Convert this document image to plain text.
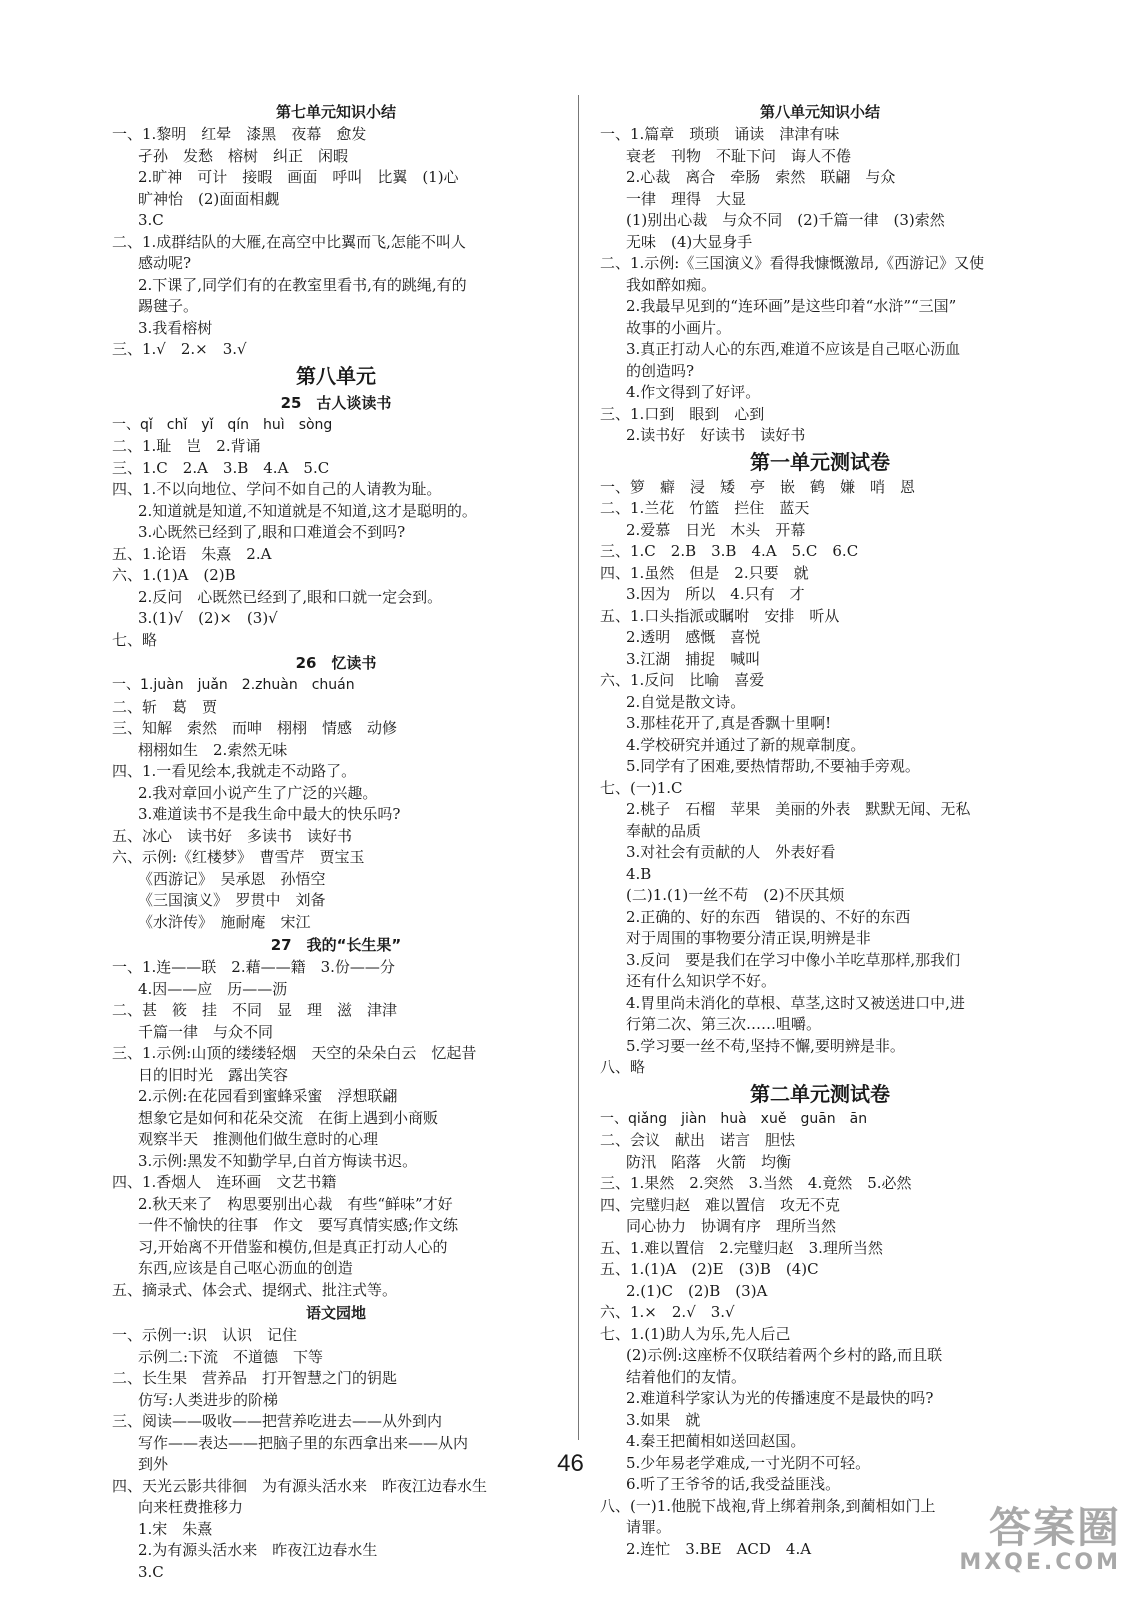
第七单元知识小结
一、1.黎明　红晕　漆黑　夜幕　愈发
孑孙　发愁　榕树　纠正　闲暇
2.旷神　可计　接暇　画面　呼叫　比翼　(1)心
旷神怡　(2)面面相觑
3.C
二、1.成群结队的大雁,在高空中比翼而飞,怎能不叫人
感动呢?
2.下课了,同学们有的在教室里看书,有的跳绳,有的
踢毽子。
3.我看榕树
三、1.√　2.×　3.√
第八单元
25　古人谈读书
一、qǐ　chǐ　yǐ　qín　huì　sòng
二、1.耻　岂　2.背诵
三、1.C　2.A　3.B　4.A　5.C
四、1.不以向地位、学问不如自己的人请教为耻。
2.知道就是知道,不知道就是不知道,这才是聪明的。
3.心既然已经到了,眼和口难道会不到吗?
五、1.论语　朱熹　2.A
六、1.(1)A　(2)B
2.反问　心既然已经到了,眼和口就一定会到。
3.(1)√　(2)×　(3)√
七、略
26　忆读书
一、1.juàn　juǎn　2.zhuàn　chuán
二、斩　葛　贾
三、知解　索然　而呻　栩栩　情感　动修
栩栩如生　2.索然无味
四、1.一看见绘本,我就走不动路了。
2.我对章回小说产生了广泛的兴趣。
3.难道读书不是我生命中最大的快乐吗?
五、冰心　读书好　多读书　读好书
六、示例:《红楼梦》　曹雪芹　贾宝玉
《西游记》　吴承恩　孙悟空
《三国演义》　罗贯中　刘备
《水浒传》　施耐庵　宋江
27　我的“长生果”
一、1.连——联　2.藉——籍　3.份——分
4.因——应　历——沥
二、甚　筱　挂　不同　显　理　滋　津津
千篇一律　与众不同
三、1.示例:山顶的缕缕轻烟　天空的朵朵白云　忆起昔
日的旧时光　露出笑容
2.示例:在花园看到蜜蜂采蜜　浮想联翩
想象它是如何和花朵交流　在街上遇到小商贩
观察半天　推测他们做生意时的心理
3.示例:黑发不知勤学早,白首方悔读书迟。
四、1.香烟人　连环画　文艺书籍
2.秋天来了　构思要别出心裁　有些“鲜味”才好
一件不愉快的往事　作文　要写真情实感;作文练
习,开始离不开借鉴和模仿,但是真正打动人心的
东西,应该是自己呕心沥血的创造
五、摘录式、体会式、提纲式、批注式等。
语文园地
一、示例一:识　认识　记住
示例二:下流　不道德　下等
二、长生果　营养品　打开智慧之门的钥匙
仿写:人类进步的阶梯
三、阅读——吸收——把营养吃进去——从外到内
写作——表达——把脑子里的东西拿出来——从内
到外
四、天光云影共徘徊　为有源头活水来　昨夜江边春水生
向来枉费推移力
1.宋　朱熹
2.为有源头活水来　昨夜江边春水生
3.C
第八单元知识小结
一、1.篇章　琐琐　诵读　津津有味
衰老　刊物　不耻下问　诲人不倦
2.心裁　离合　牵肠　索然　联翩　与众
一律　理得　大显
(1)别出心裁　与众不同　(2)千篇一律　(3)索然
无味　(4)大显身手
二、1.示例:《三国演义》看得我慷慨激昂,《西游记》又使
我如醉如痴。
2.我最早见到的“连环画”是这些印着“水浒”“三国”
故事的小画片。
3.真正打动人心的东西,难道不应该是自己呕心沥血
的创造吗?
4.作文得到了好评。
三、1.口到　眼到　心到
2.读书好　好读书　读好书
第一单元测试卷
一、箩　癖　浸　矮　亭　嵌　鹤　嫌　哨　恩
二、1.兰花　竹篮　拦住　蓝天
2.爱慕　日光　木头　开幕
三、1.C　2.B　3.B　4.A　5.C　6.C
四、1.虽然　但是　2.只要　就
3.因为　所以　4.只有　才
五、1.口头指派或瞩咐　安排　听从
2.透明　感慨　喜悦
3.江湖　捕捉　喊叫
六、1.反问　比喻　喜爱
2.自觉是散文诗。
3.那桂花开了,真是香飘十里啊!
4.学校研究并通过了新的规章制度。
5.同学有了困难,要热情帮助,不要袖手旁观。
七、(一)1.C
2.桃子　石榴　苹果　美丽的外表　默默无闻、无私
奉献的品质
3.对社会有贡献的人　外表好看
4.B
(二)1.(1)一丝不苟　(2)不厌其烦
2.正确的、好的东西　错误的、不好的东西
对于周围的事物要分清正误,明辨是非
3.反问　要是我们在学习中像小羊吃草那样,那我们
还有什么知识学不好。
4.胃里尚未消化的草根、草茎,这时又被送进口中,进
行第二次、第三次……咀嚼。
5.学习要一丝不苟,坚持不懈,要明辨是非。
八、略
第二单元测试卷
一、qiǎng　jiàn　huà　xuě　guān　ān
二、会议　献出　诺言　胆怯
防汛　陷落　火箭　均衡
三、1.果然　2.突然　3.当然　4.竟然　5.必然
四、完璧归赵　难以置信　攻无不克
同心协力　协调有序　理所当然
五、1.难以置信　2.完璧归赵　3.理所当然
五、1.(1)A　(2)E　(3)B　(4)C
2.(1)C　(2)B　(3)A
六、1.×　2.√　3.√
七、1.(1)助人为乐,先人后己
(2)示例:这座桥不仅联结着两个乡村的路,而且联
结着他们的友情。
2.难道科学家认为光的传播速度不是最快的吗?
3.如果　就
4.秦王把蔺相如送回赵国。
5.少年易老学难成,一寸光阴不可轻。
6.听了王爷爷的话,我受益匪浅。
八、(一)1.他脱下战袍,背上绑着荆条,到蔺相如门上
请罪。
2.连忙　3.BE　ACD　4.A
46
答案圈
MXQE.COM
